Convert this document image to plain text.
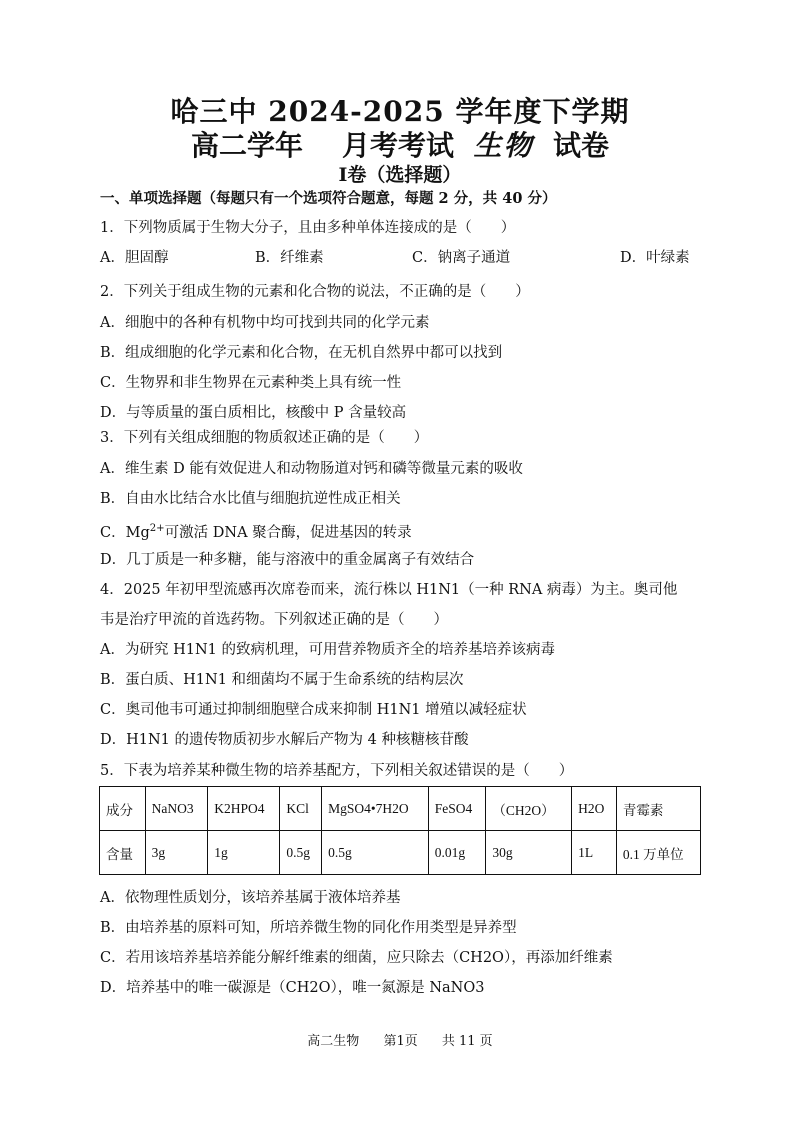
哈三中 2024-2025 学年度下学期
高二学年 月考考试 生物 试卷
I卷（选择题）
一、单项选择题（每题只有一个选项符合题意，每题 2 分，共 40 分）
1．下列物质属于生物大分子，且由多种单体连接成的是（　　）
A．胆固醇	B．纤维素	C．钠离子通道	D．叶绿素
2．下列关于组成生物的元素和化合物的说法，不正确的是（　　）
A．细胞中的各种有机物中均可找到共同的化学元素
B．组成细胞的化学元素和化合物，在无机自然界中都可以找到
C．生物界和非生物界在元素种类上具有统一性
D．与等质量的蛋白质相比，核酸中 P 含量较高
3．下列有关组成细胞的物质叙述正确的是（　　）
A．维生素 D 能有效促进人和动物肠道对钙和磷等微量元素的吸收
B．自由水比结合水比值与细胞抗逆性成正相关
C．$Mg^{2+}$可激活 DNA 聚合酶，促进基因的转录
D．几丁质是一种多糖，能与溶液中的重金属离子有效结合
4．2025 年初甲型流感再次席卷而来，流行株以 H1N1（一种 RNA 病毒）为主。奥司他
韦是治疗甲流的首选药物。下列叙述正确的是（　　）
A．为研究 H1N1 的致病机理，可用营养物质齐全的培养基培养该病毒
B．蛋白质、H1N1 和细菌均不属于生命系统的结构层次
C．奥司他韦可通过抑制细胞壁合成来抑制 H1N1 增殖以减轻症状
D．H1N1 的遗传物质初步水解后产物为 4 种核糖核苷酸
5．下表为培养某种微生物的培养基配方，下列相关叙述错误的是（　　）
成分	NaNO3	K2HPO4	KCl	MgSO4•7H2O	FeSO4	（CH2O）	H2O	青霉素
含量	3g	1g	0.5g	0.5g	0.01g	30g	1L	0.1 万单位
A．依物理性质划分，该培养基属于液体培养基
B．由培养基的原料可知，所培养微生物的同化作用类型是异养型
C．若用该培养基培养能分解纤维素的细菌，应只除去（CH2O），再添加纤维素
D．培养基中的唯一碳源是（CH2O），唯一氮源是 NaNO3
高二生物 第1页 共 11 页
